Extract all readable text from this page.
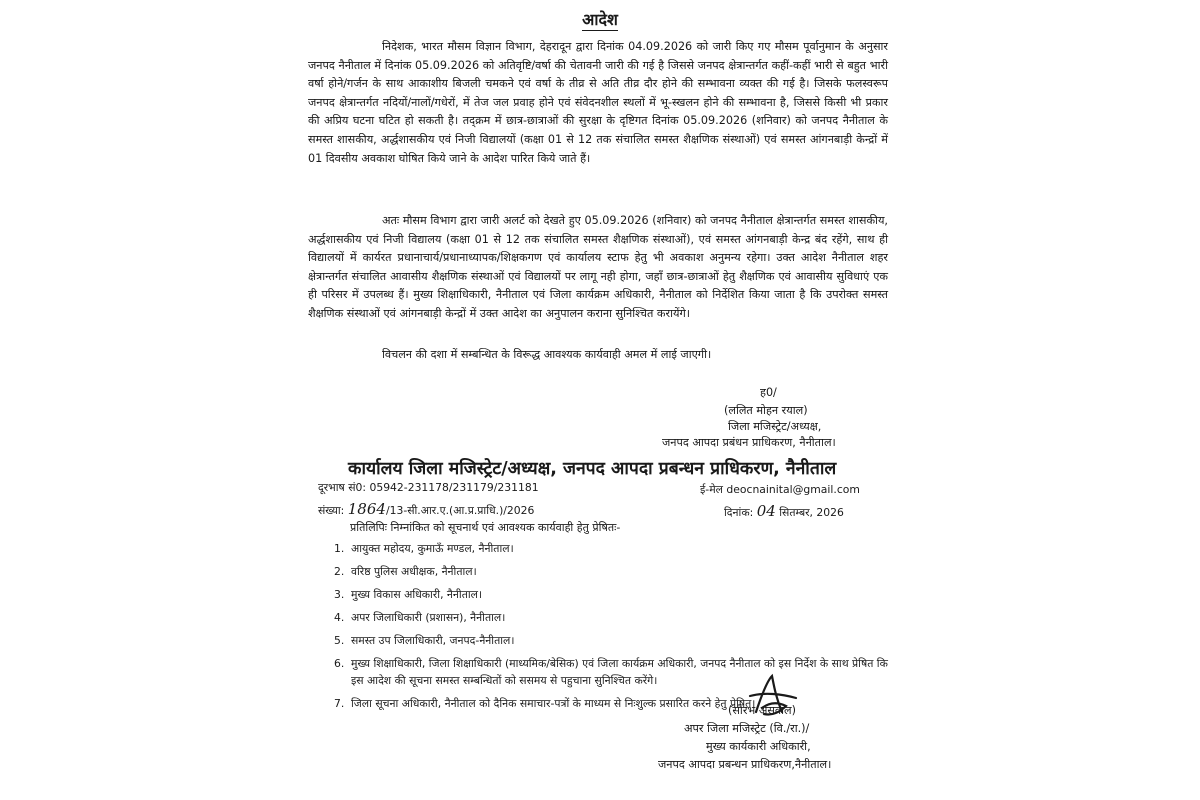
आदेश

निदेशक, भारत मौसम विज्ञान विभाग, देहरादून द्वारा दिनांक 04.09.2026 को जारी किए गए मौसम पूर्वानुमान के अनुसार जनपद नैनीताल में दिनांक 05.09.2026 को अतिवृष्टि/वर्षा की चेतावनी जारी की गई है जिससे जनपद क्षेत्रान्तर्गत कहीं-कहीं भारी से बहुत भारी वर्षा होने/गर्जन के साथ आकाशीय बिजली चमकने एवं वर्षा के तीव्र से अति तीव्र दौर होने की सम्भावना व्यक्त की गई है। जिसके फलस्वरूप जनपद क्षेत्रान्तर्गत नदियों/नालों/गधेरों, में तेज जल प्रवाह होने एवं संवेदनशील स्थलों में भू-स्खलन होने की सम्भावना है, जिससे किसी भी प्रकार की अप्रिय घटना घटित हो सकती है। तद्क्रम में छात्र-छात्राओं की सुरक्षा के दृष्टिगत दिनांक 05.09.2026 (शनिवार) को जनपद नैनीताल के समस्त शासकीय, अर्द्धशासकीय एवं निजी विद्यालयों (कक्षा 01 से 12 तक संचालित समस्त शैक्षणिक संस्थाओं) एवं समस्त आंगनबाड़ी केन्द्रों में 01 दिवसीय अवकाश घोषित किये जाने के आदेश पारित किये जाते हैं।

अतः मौसम विभाग द्वारा जारी अलर्ट को देखते हुए 05.09.2026 (शनिवार) को जनपद नैनीताल क्षेत्रान्तर्गत समस्त शासकीय, अर्द्धशासकीय एवं निजी विद्यालय (कक्षा 01 से 12 तक संचालित समस्त शैक्षणिक संस्थाओं), एवं समस्त आंगनबाड़ी केन्द्र बंद रहेंगे, साथ ही विद्यालयों में कार्यरत प्रधानाचार्य/प्रधानाध्यापक/शिक्षकगण एवं कार्यालय स्टाफ हेतु भी अवकाश अनुमन्य रहेगा। उक्त आदेश नैनीताल शहर क्षेत्रान्तर्गत संचालित आवासीय शैक्षणिक संस्थाओं एवं विद्यालयों पर लागू नही होगा, जहाँ छात्र-छात्राओं हेतु शैक्षणिक एवं आवासीय सुविधाएं एक ही परिसर में उपलब्ध हैं। मुख्य शिक्षाधिकारी, नैनीताल एवं जिला कार्यक्रम अधिकारी, नैनीताल को निर्देशित किया जाता है कि उपरोक्त समस्त शैक्षणिक संस्थाओं एवं आंगनबाड़ी केन्द्रों में उक्त आदेश का अनुपालन कराना सुनिश्चित करायेंगे।

विचलन की दशा में सम्बन्धित के विरूद्ध आवश्यक कार्यवाही अमल में लाई जाएगी।

ह0/
(ललित मोहन रयाल)
जिला मजिस्ट्रेट/अध्यक्ष,
जनपद आपदा प्रबंधन प्राधिकरण, नैनीताल।
कार्यालय जिला मजिस्ट्रेट/अध्यक्ष, जनपद आपदा प्रबन्धन प्राधिकरण, नैनीताल
दूरभाष सं0: 05942-231178/231179/231181	ई-मेल deocnainital@gmail.com
संख्या: 1864/13-सी.आर.ए.(आ.प्र.प्राधि.)/2026	दिनांक: 04 सितम्बर, 2026
प्रतिलिपिः निम्नांकित को सूचनार्थ एवं आवश्यक कार्यवाही हेतु प्रेषितः-
1. आयुक्त महोदय, कुमाऊँ मण्डल, नैनीताल।
2. वरिष्ठ पुलिस अधीक्षक, नैनीताल।
3. मुख्य विकास अधिकारी, नैनीताल।
4. अपर जिलाधिकारी (प्रशासन), नैनीताल।
5. समस्त उप जिलाधिकारी, जनपद-नैनीताल।
6. मुख्य शिक्षाधिकारी, जिला शिक्षाधिकारी (माध्यमिक/बेसिक) एवं जिला कार्यक्रम अधिकारी, जनपद नैनीताल को इस निर्देश के साथ प्रेषित कि इस आदेश की सूचना समस्त सम्बन्धितों को ससमय से पहुचाना सुनिश्चित करेंगे।
7. जिला सूचना अधिकारी, नैनीताल को दैनिक समाचार-पत्रों के माध्यम से निःशुल्क प्रसारित करने हेतु प्रेषित।
(सौरभ असवाल)
अपर जिला मजिस्ट्रेट (वि./रा.)/
मुख्य कार्यकारी अधिकारी,
जनपद आपदा प्रबन्धन प्राधिकरण,नैनीताल।
